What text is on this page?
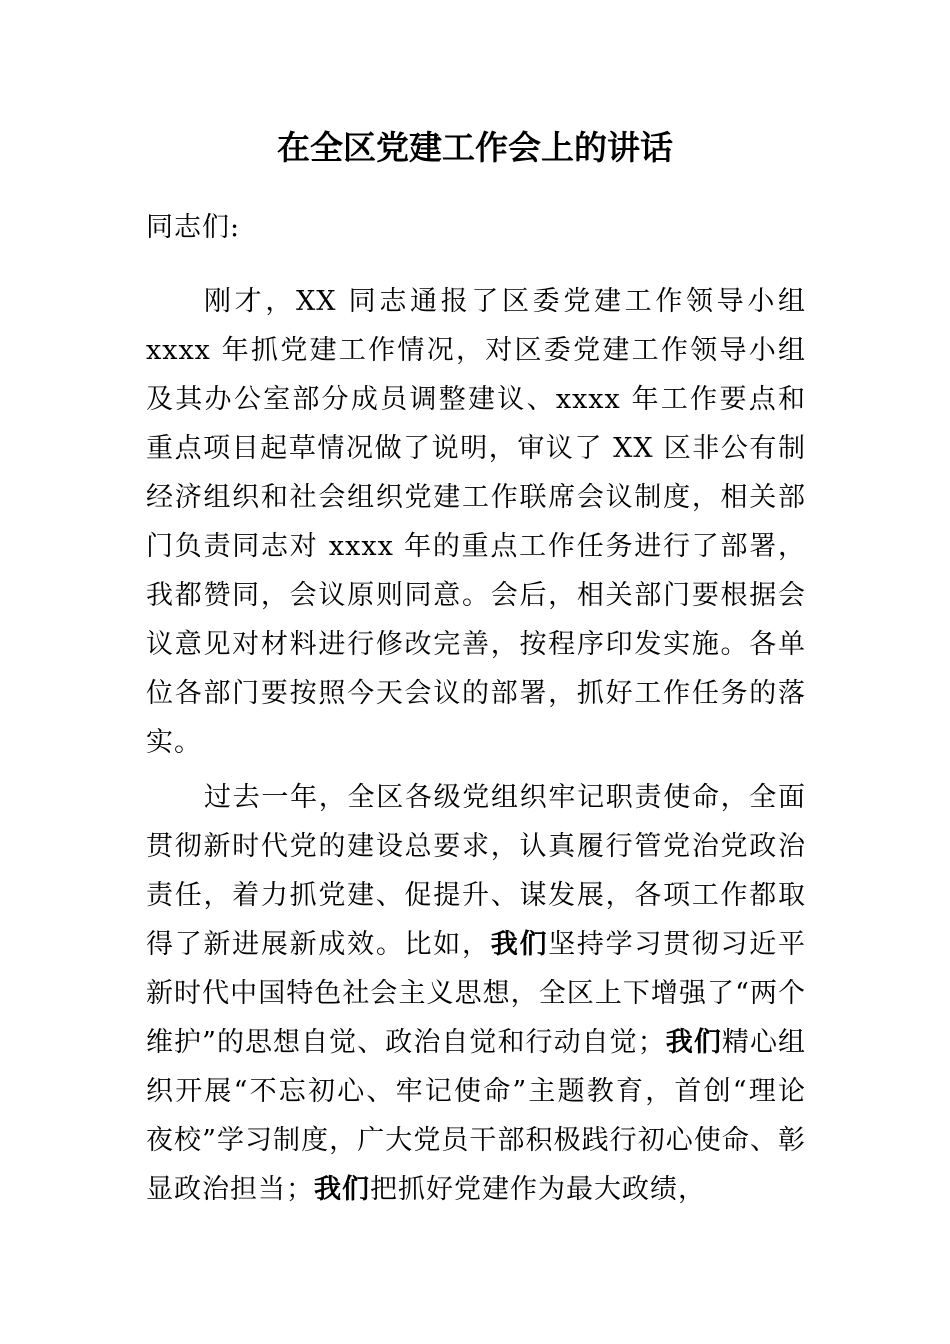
在全区党建工作会上的讲话

同志们:

刚才，XX 同志通报了区委党建工作领导小组 xxxx 年抓党建工作情况，对区委党建工作领导小组及其办公室部分成员调整建议、xxxx 年工作要点和重点项目起草情况做了说明，审议了 XX 区非公有制经济组织和社会组织党建工作联席会议制度，相关部门负责同志对 xxxx 年的重点工作任务进行了部署，我都赞同，会议原则同意。会后，相关部门要根据会议意见对材料进行修改完善，按程序印发实施。各单位各部门要按照今天会议的部署，抓好工作任务的落实。

过去一年，全区各级党组织牢记职责使命，全面贯彻新时代党的建设总要求，认真履行管党治党政治责任，着力抓党建、促提升、谋发展，各项工作都取得了新进展新成效。比如，我们坚持学习贯彻习近平新时代中国特色社会主义思想，全区上下增强了“两个维护”的思想自觉、政治自觉和行动自觉；我们精心组织开展“不忘初心、牢记使命”主题教育，首创“理论夜校”学习制度，广大党员干部积极践行初心使命、彰显政治担当；我们把抓好党建作为最大政绩，
